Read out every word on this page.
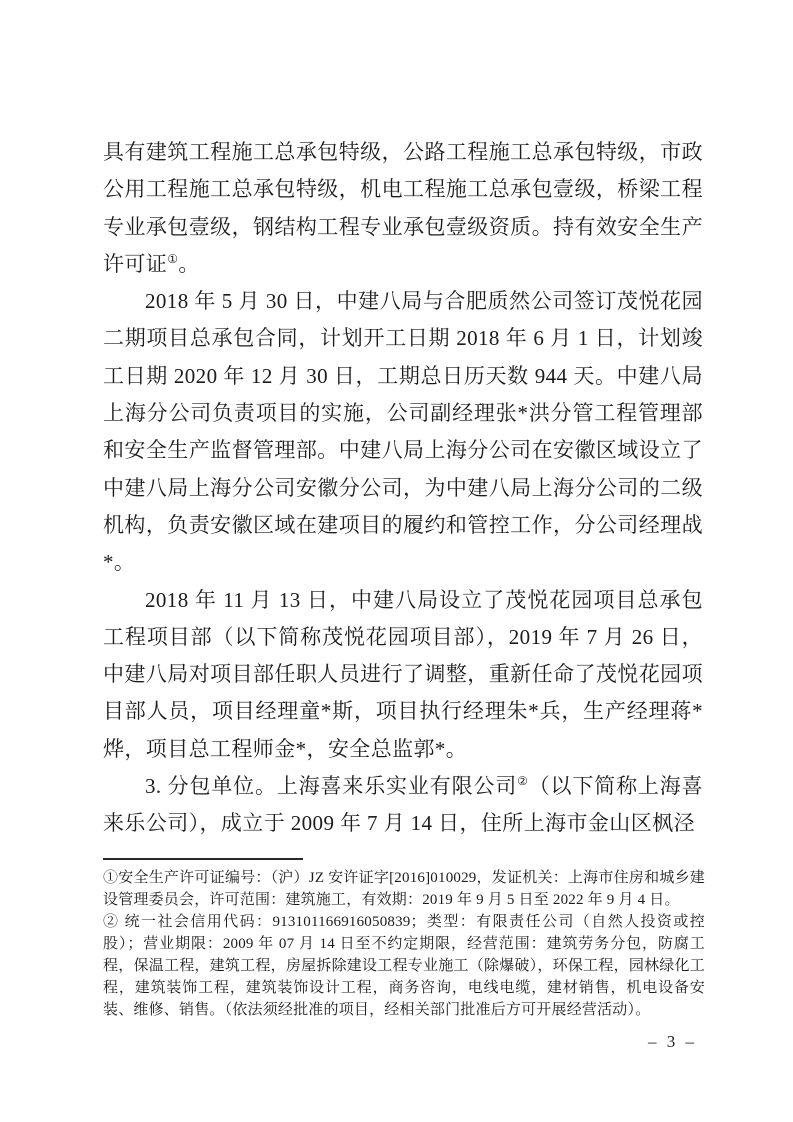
具有建筑工程施工总承包特级，公路工程施工总承包特级，市政公用工程施工总承包特级，机电工程施工总承包壹级，桥梁工程专业承包壹级，钢结构工程专业承包壹级资质。持有效安全生产许可证①。

2018 年 5 月 30 日，中建八局与合肥质然公司签订茂悦花园二期项目总承包合同，计划开工日期 2018 年 6 月 1 日，计划竣工日期 2020 年 12 月 30 日，工期总日历天数 944 天。中建八局上海分公司负责项目的实施，公司副经理张*洪分管工程管理部和安全生产监督管理部。中建八局上海分公司在安徽区域设立了中建八局上海分公司安徽分公司，为中建八局上海分公司的二级机构，负责安徽区域在建项目的履约和管控工作，分公司经理战*。

2018 年 11 月 13 日，中建八局设立了茂悦花园项目总承包工程项目部（以下简称茂悦花园项目部），2019 年 7 月 26 日，中建八局对项目部任职人员进行了调整，重新任命了茂悦花园项目部人员，项目经理童*斯，项目执行经理朱*兵，生产经理蒋*烨，项目总工程师金*，安全总监郭*。

3. 分包单位。上海喜来乐实业有限公司②（以下简称上海喜来乐公司），成立于 2009 年 7 月 14 日，住所上海市金山区枫泾

①安全生产许可证编号：（沪）JZ 安许证字[2016]010029，发证机关：上海市住房和城乡建设管理委员会，许可范围：建筑施工，有效期：2019 年 9 月 5 日至 2022 年 9 月 4 日。

② 统一社会信用代码：913101166916050839；类型：有限责任公司（自然人投资或控股）；营业期限：2009 年 07 月 14 日至不约定期限，经营范围：建筑劳务分包，防腐工程，保温工程，建筑工程，房屋拆除建设工程专业施工（除爆破），环保工程，园林绿化工程，建筑装饰工程，建筑装饰设计工程，商务咨询，电线电缆，建材销售，机电设备安装、维修、销售。（依法须经批准的项目，经相关部门批准后方可开展经营活动）。

– 3 –
